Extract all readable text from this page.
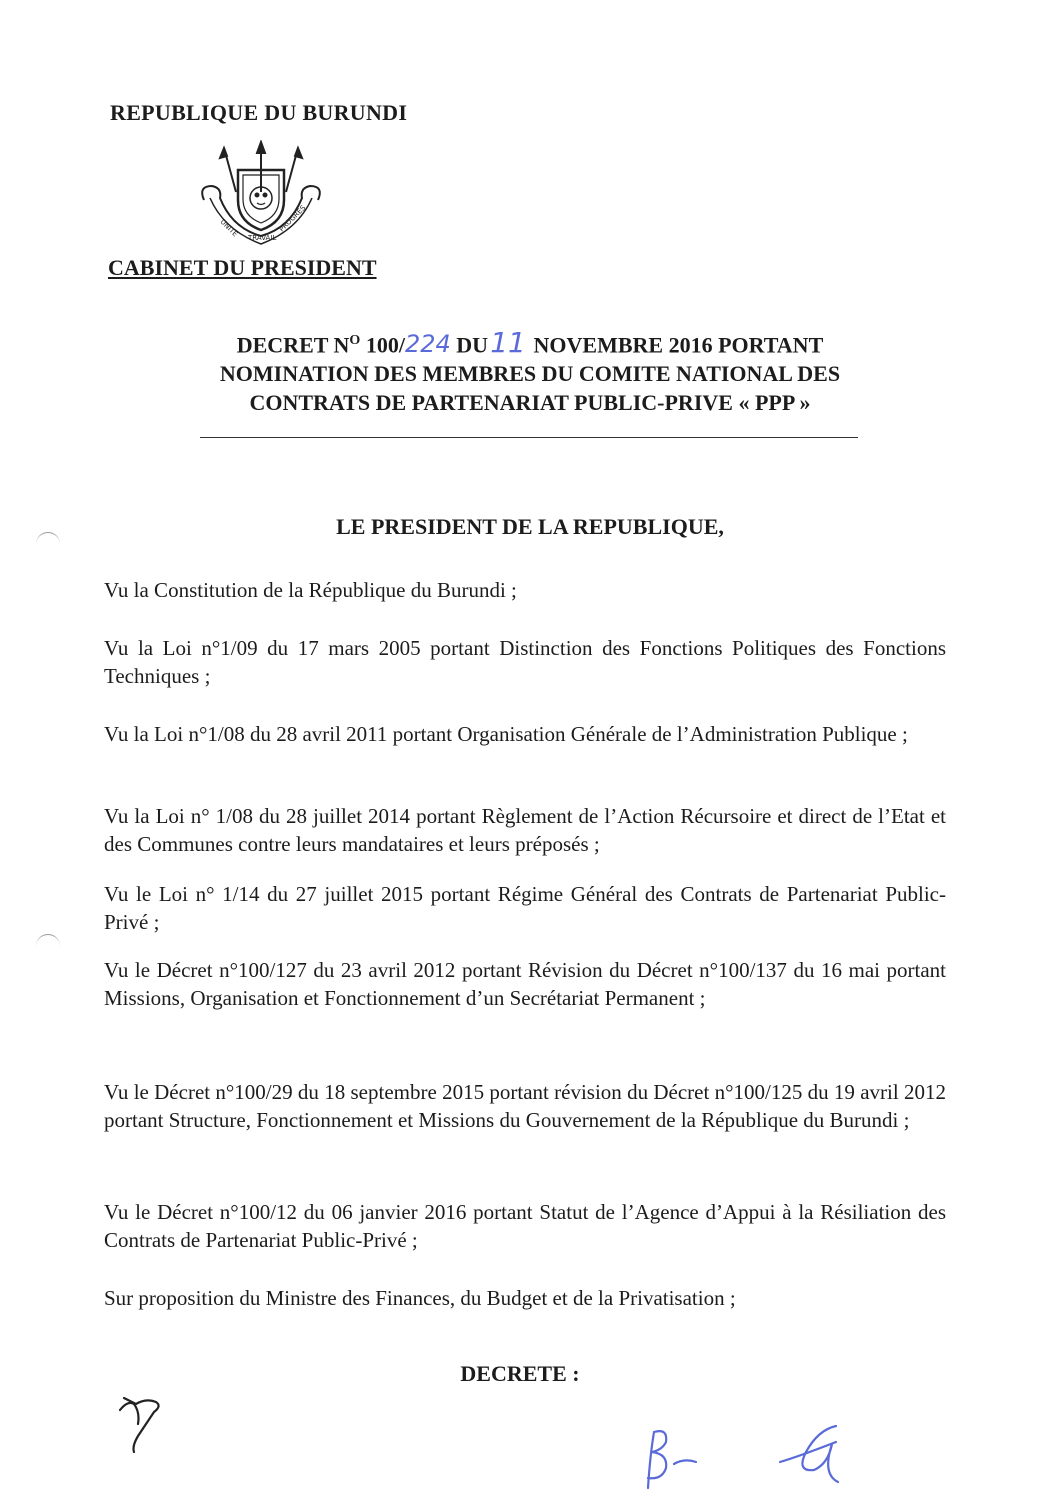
REPUBLIQUE DU BURUNDI
UNITE TRAVAIL
PROGRES
CABINET DU PRESIDENT
DECRET $N^O$ 100/224 DU11 NOVEMBRE 2016 PORTANT
NOMINATION DES MEMBRES DU COMITE NATIONAL DES
CONTRATS DE PARTENARIAT PUBLIC-PRIVE « PPP »
LE PRESIDENT DE LA REPUBLIQUE,
Vu la Constitution de la République du Burundi ;
Vu la Loi n°1/09 du 17 mars 2005 portant Distinction des Fonctions Politiques des Fonctions Techniques ;
Vu la Loi n°1/08 du 28 avril 2011 portant Organisation Générale de l’Administration Publique ;
Vu la Loi n° 1/08 du 28 juillet 2014 portant Règlement de l’Action Récursoire et direct de l’Etat et des Communes contre leurs mandataires et leurs préposés ;
Vu le Loi n° 1/14 du 27 juillet 2015 portant Régime Général des Contrats de Partenariat Public-Privé ;
Vu le Décret n°100/127 du 23 avril 2012 portant Révision du Décret n°100/137 du 16 mai portant Missions, Organisation et Fonctionnement d’un Secrétariat Permanent ;
Vu le Décret n°100/29 du 18 septembre 2015 portant révision du Décret n°100/125 du 19 avril 2012 portant Structure, Fonctionnement et Missions du Gouvernement de la République du Burundi ;
Vu le Décret n°100/12 du 06 janvier 2016 portant Statut de l’Agence d’Appui à la Résiliation des Contrats de Partenariat Public-Privé ;
Sur proposition du Ministre des Finances, du Budget et de la Privatisation ;
DECRETE :
